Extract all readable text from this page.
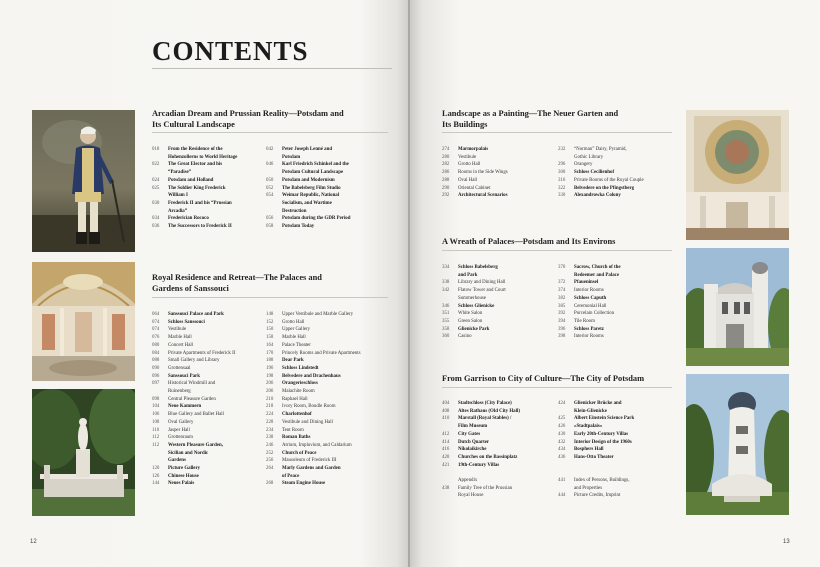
CONTENTS
12	13
Arcadian Dream and Prussian Reality—Potsdam and
Its Cultural Landscape
018	From the Residence of the
Hohenzollerns to World Heritage
022	The Great Elector and his
“Paradise”
024	Potsdam and Holland
025	The Soldier King Frederick
William I
030	Frederick II and his “Prussian
Arcadia”
034	Frederician Rococo
036	The Successors to Frederick II
042	Peter Joseph Lenné and
Potsdam
046	Karl Friedrich Schinkel and the
Potsdam Cultural Landscape
050	Potsdam and Modernism
052	The Babelsberg Film Studio
054	Weimar Republic, National
Socialism, and Wartime
Destruction
056	Potsdam during the GDR Period
058	Potsdam Today
Royal Residence and Retreat—The Palaces and
Gardens of Sanssouci
064	Sanssouci Palace and Park
074	Schloss Sanssouci
074	Vestibule
076	Marble Hall
080	Concert Hall
084	Private Apartments of Frederick II
088	Small Gallery and Library
090	Grottensaal
096	Sanssouci Park
097	Historical Windmill and
Ruinenberg
098	Central Pleasure Garden
104	Neue Kammern
106	Blue Gallery and Ballet Hall
108	Oval Gallery
110	Jasper Hall
112	Grottenraum
112	Western Pleasure Garden,
Sicilian and Nordic
Gardens
120	Picture Gallery
126	Chinese House
144	Neues Palais
148	Upper Vestibule and Marble Gallery
152	Grotto Hall
150	Upper Gallery
158	Marble Hall
164	Palace Theater
170	Princely Rooms and Private Apartments
188	Dear Park
196	Schloss Lindstedt
198	Belvedere and Drachenhaus
206	Orangerieschloss
206	Malachite Room
210	Raphael Hall
218	Ivory Room, Boudle Room
224	Charlottenhof
228	Vestibule and Dining Hall
234	Tent Room
238	Roman Baths
246	Atrium, Impluvium, and Caldarium
252	Church of Peace
256	Mausoleum of Frederick III
264	Marly Gardens and Garden
of Peace
268	Steam Engine House
Landscape as a Painting—The Neuer Garten and
Its Buildings
274	Marmorpalais
280	Vestibule
282	Grotto Hall
286	Rooms in the Side Wings
288	Oval Hall
290	Oriental Cabinet
292	Architectural Scenarios
232	“Norman” Dairy, Pyramid,
Gothic Library
296	Orangery
300	Schloss Cecilienhof
316	Private Rooms of the Royal Couple
322	Belvedere on the Pfingstberg
330	Alexandrowka Colony
A Wreath of Palaces—Potsdam and Its Environs
334	Schloss Babelsberg
and Park
338	Library and Dining Hall
342	Flatow Tower and Court
Summerhouse
346	Schloss Glienicke
351	White Salon
355	Green Salon
358	Glienicke Park
360	Casino
370	Sacrow, Church of the
Redeemer and Palace
372	Pfaueninsel
374	Interior Rooms
382	Schloss Caputh
385	Ceremonial Hall
392	Porcelain Collection
394	Tile Room
396	Schloss Paretz
398	Interior Rooms
From Garrison to City of Culture—The City of Potsdam
404	Stadtschloss (City Palace)
408	Altes Rathaus (Old City Hall)
410	Marstall (Royal Stables) /
Film Museum
412	City Gates
414	Dutch Quarter
416	Nikolaikirche
420	Churches on the Bassinplatz
421	19th-Century Villas

Appendix
438	Family Tree of the Prussian
Royal House
424	Glienicker Brücke and
Klein-Glienicke
425	Albert Einstein Science Park
426	»Stadtpalais«
430	Early 20th-Century Villas
432	Interior Design of the 1960s
434	Bosphers Hall
436	Hans-Otto Theater

441	Index of Persons, Buildings,
and Properties
444	Picture Credits, Imprint
